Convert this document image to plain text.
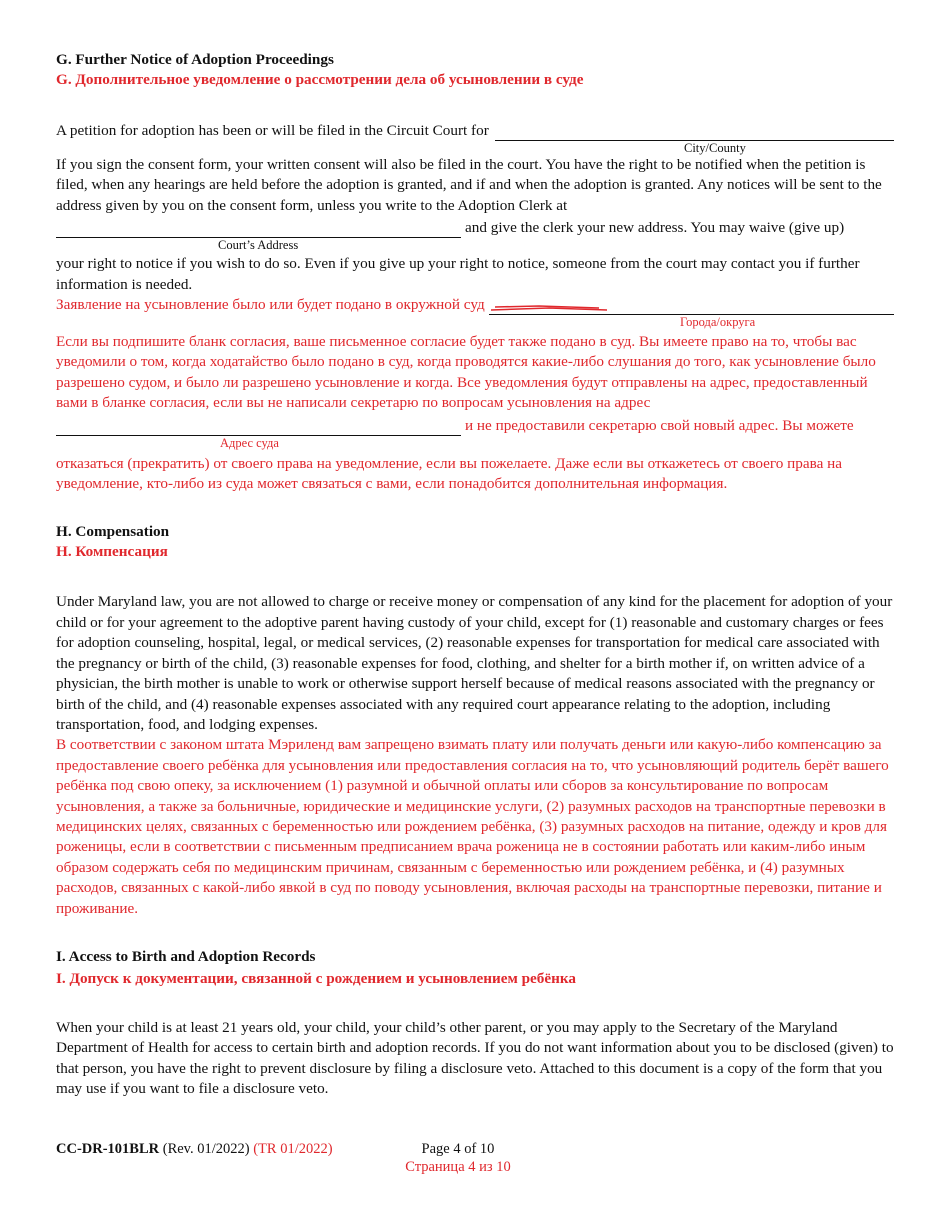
G. Further Notice of Adoption Proceedings
G. Дополнительное уведомление о рассмотрении дела об усыновлении в суде
A petition for adoption has been or will be filed in the Circuit Court for
City/County

If you sign the consent form, your written consent will also be filed in the court. You have the right to be notified when the petition is filed, when any hearings are held before the adoption is granted, and if and when the adoption is granted. Any notices will be sent to the address given by you on the consent form, unless you write to the Adoption Clerk at

and give the clerk your new address. You may waive (give up)
Court’s Address

your right to notice if you wish to do so. Even if you give up your right to notice, someone from the court may contact you if further information is needed.

Заявление на усыновление было или будет подано в окружной суд
Города/округа

Если вы подпишите бланк согласия, ваше письменное согласие будет также подано в суд. Вы имеете право на то, чтобы вас уведомили о том, когда ходатайство было подано в суд, когда проводятся какие-либо слушания до того, как усыновление было разрешено судом, и было ли разрешено усыновление и когда. Все уведомления будут отправлены на адрес, предоставленный вами в бланке согласия, если вы не написали секретарю по вопросам усыновления на адрес

и не предоставили секретарю свой новый адрес. Вы можете
Адрес суда

отказаться (прекратить) от своего права на уведомление, если вы пожелаете. Даже если вы откажетесь от своего права на уведомление, кто-либо из суда может связаться с вами, если понадобится дополнительная информация.

H. Compensation
H. Компенсация

Under Maryland law, you are not allowed to charge or receive money or compensation of any kind for the placement for adoption of your child or for your agreement to the adoptive parent having custody of your child, except for (1) reasonable and customary charges or fees for adoption counseling, hospital, legal, or medical services, (2) reasonable expenses for transportation for medical care associated with the pregnancy or birth of the child, (3) reasonable expenses for food, clothing, and shelter for a birth mother if, on written advice of a physician, the birth mother is unable to work or otherwise support herself because of medical reasons associated with the pregnancy or birth of the child, and (4) reasonable expenses associated with any required court appearance relating to the adoption, including transportation, food, and lodging expenses.

В соответствии с законом штата Мэриленд вам запрещено взимать плату или получать деньги или какую-либо компенсацию за предоставление своего ребёнка для усыновления или предоставления согласия на то, что усыновляющий родитель берёт вашего ребёнка под свою опеку, за исключением (1) разумной и обычной оплаты или сборов за консультирование по вопросам усыновления, а также за больничные, юридические и медицинские услуги, (2) разумных расходов на транспортные перевозки в медицинских целях, связанных с беременностью или рождением ребёнка, (3) разумных расходов на питание, одежду и кров для роженицы, если в соответствии с письменным предписанием врача роженица не в состоянии работать или каким-либо иным образом содержать себя по медицинским причинам, связанным с беременностью или рождением ребёнка, и (4) разумных расходов, связанных с какой-либо явкой в суд по поводу усыновления, включая расходы на транспортные перевозки, питание и проживание.

I. Access to Birth and Adoption Records
I. Допуск к документации, связанной с рождением и усыновлением ребёнка

When your child is at least 21 years old, your child, your child’s other parent, or you may apply to the Secretary of the Maryland Department of Health for access to certain birth and adoption records. If you do not want information about you to be disclosed (given) to that person, you have the right to prevent disclosure by filing a disclosure veto. Attached to this document is a copy of the form that you may use if you want to file a disclosure veto.

CC-DR-101BLR (Rev. 01/2022) (TR 01/2022)	Page 4 of 10
Страница 4 из 10
